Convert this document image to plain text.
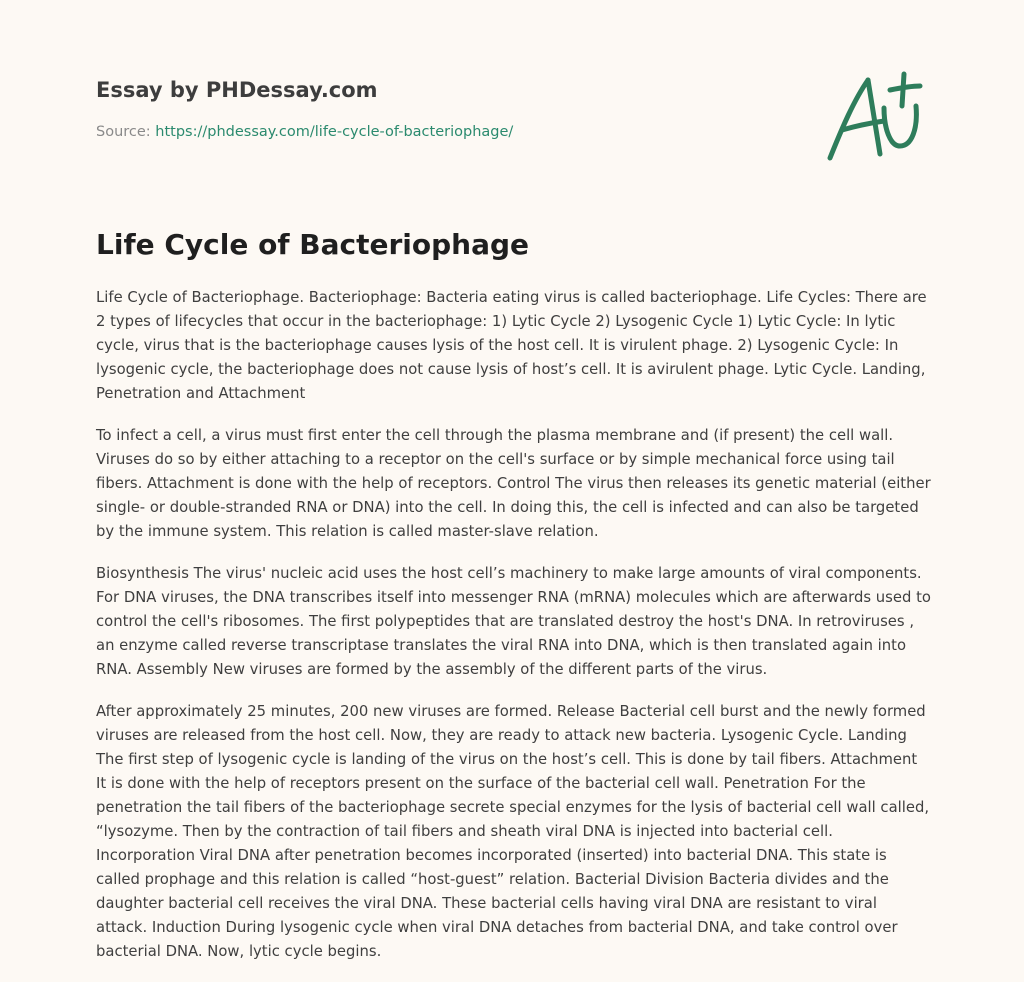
Essay by PHDessay.com
Source: https://phdessay.com/life-cycle-of-bacteriophage/
Life Cycle of Bacteriophage

Life Cycle of Bacteriophage. Bacteriophage: Bacteria eating virus is called bacteriophage. Life Cycles: There are 2 types of lifecycles that occur in the bacteriophage: 1) Lytic Cycle 2) Lysogenic Cycle 1) Lytic Cycle: In lytic cycle, virus that is the bacteriophage causes lysis of the host cell. It is virulent phage. 2) Lysogenic Cycle: In lysogenic cycle, the bacteriophage does not cause lysis of host’s cell. It is avirulent phage. Lytic Cycle. Landing, Penetration and Attachment

To infect a cell, a virus must first enter the cell through the plasma membrane and (if present) the cell wall. Viruses do so by either attaching to a receptor on the cell's surface or by simple mechanical force using tail fibers. Attachment is done with the help of receptors. Control The virus then releases its genetic material (either single- or double-stranded RNA or DNA) into the cell. In doing this, the cell is infected and can also be targeted by the immune system. This relation is called master-slave relation.

Biosynthesis The virus' nucleic acid uses the host cell’s machinery to make large amounts of viral components. For DNA viruses, the DNA transcribes itself into messenger RNA (mRNA) molecules which are afterwards used to control the cell's ribosomes. The first polypeptides that are translated destroy the host's DNA. In retroviruses , an enzyme called reverse transcriptase translates the viral RNA into DNA, which is then translated again into RNA. Assembly New viruses are formed by the assembly of the different parts of the virus.

After approximately 25 minutes, 200 new viruses are formed. Release Bacterial cell burst and the newly formed viruses are released from the host cell. Now, they are ready to attack new bacteria. Lysogenic Cycle. Landing The first step of lysogenic cycle is landing of the virus on the host’s cell. This is done by tail fibers. Attachment It is done with the help of receptors present on the surface of the bacterial cell wall. Penetration For the penetration the tail fibers of the bacteriophage secrete special enzymes for the lysis of bacterial cell wall called, “lysozyme. Then by the contraction of tail fibers and sheath viral DNA is injected into bacterial cell. Incorporation Viral DNA after penetration becomes incorporated (inserted) into bacterial DNA. This state is called prophage and this relation is called “host-guest” relation. Bacterial Division Bacteria divides and the daughter bacterial cell receives the viral DNA. These bacterial cells having viral DNA are resistant to viral attack. Induction During lysogenic cycle when viral DNA detaches from bacterial DNA, and take control over bacterial DNA. Now, lytic cycle begins.
